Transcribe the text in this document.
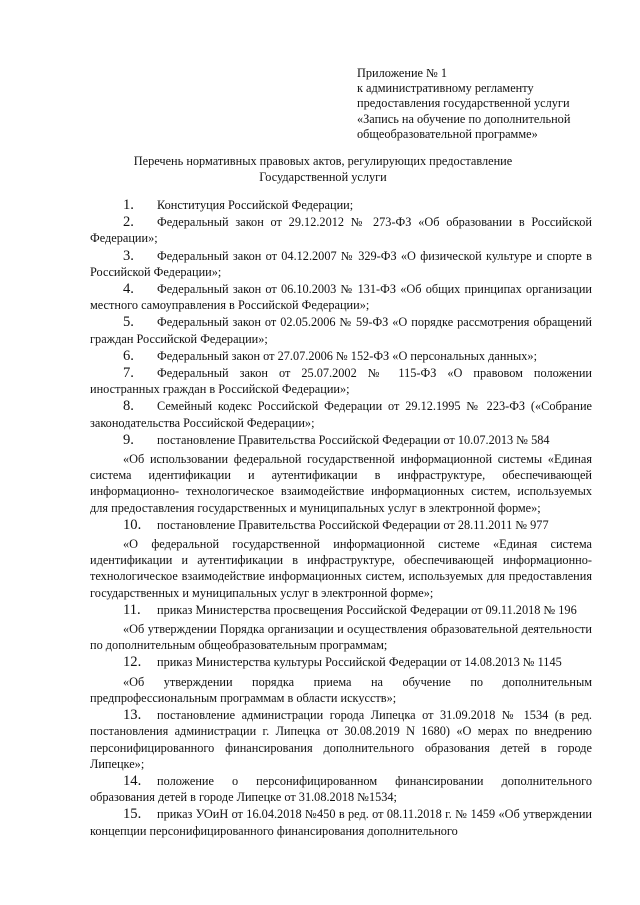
Приложение № 1
к административному регламенту
предоставления государственной услуги
«Запись на обучение по дополнительной
общеобразовательной программе»
Перечень нормативных правовых актов, регулирующих предоставление
Государственной услуги

1. Конституция Российской Федерации;

2. Федеральный закон от 29.12.2012 № 273-ФЗ «Об образовании в Российской Федерации»;

3. Федеральный закон от 04.12.2007 № 329-ФЗ «О физической культуре и спорте в Российской Федерации»;

4. Федеральный закон от 06.10.2003 № 131-ФЗ «Об общих принципах организации местного самоуправления в Российской Федерации»;

5. Федеральный закон от 02.05.2006 № 59-ФЗ «О порядке рассмотрения обращений граждан Российской Федерации»;

6. Федеральный закон от 27.07.2006 № 152-ФЗ «О персональных данных»;

7. Федеральный закон от 25.07.2002 № 115-ФЗ «О правовом положении иностранных граждан в Российской Федерации»;

8. Семейный кодекс Российской Федерации от 29.12.1995 № 223-ФЗ («Собрание законодательства Российской Федерации»;

9. постановление Правительства Российской Федерации от 10.07.2013 № 584

«Об использовании федеральной государственной информационной системы «Единая система идентификации и аутентификации в инфраструктуре, обеспечивающей информационно- технологическое взаимодействие информационных систем, используемых для предоставления государственных и муниципальных услуг в электронной форме»;

10. постановление Правительства Российской Федерации от 28.11.2011 № 977

«О федеральной государственной информационной системе «Единая система идентификации и аутентификации в инфраструктуре, обеспечивающей информационно-технологическое взаимодействие информационных систем, используемых для предоставления государственных и муниципальных услуг в электронной форме»;

11. приказ Министерства просвещения Российской Федерации от 09.11.2018 № 196

«Об утверждении Порядка организации и осуществления образовательной деятельности по дополнительным общеобразовательным программам;

12. приказ Министерства культуры Российской Федерации от 14.08.2013 № 1145

«Об утверждении порядка приема на обучение по дополнительным предпрофессиональным программам в области искусств»;

13. постановление администрации города Липецка от 31.09.2018 № 1534 (в ред. постановления администрации г. Липецка от 30.08.2019 N 1680) «О мерах по внедрению персонифицированного финансирования дополнительного образования детей в городе Липецке»;

14. положение о персонифицированном финансировании дополнительного образования детей в городе Липецке от 31.08.2018 №1534;

15. приказ УОиН от 16.04.2018 №450 в ред. от 08.11.2018 г. № 1459 «Об утверждении концепции персонифицированного финансирования дополнительного
